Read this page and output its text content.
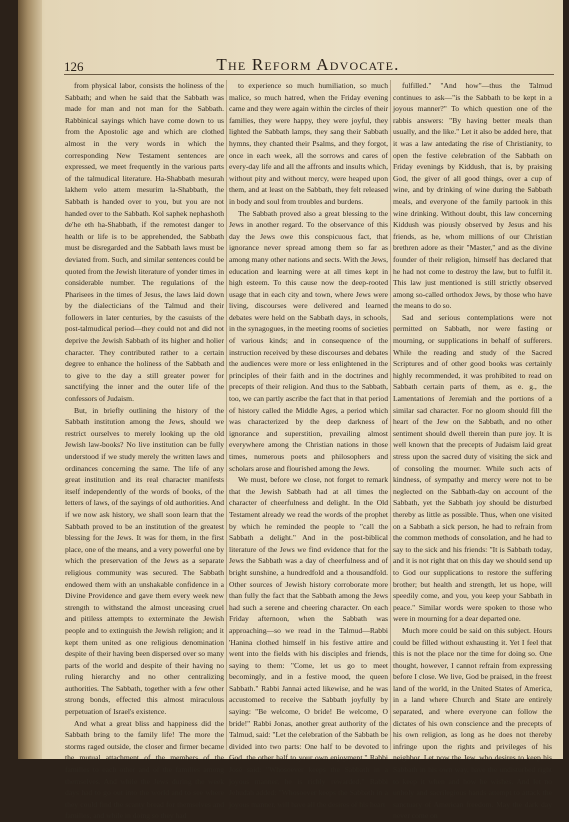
126	The Reform Advocate.

from physical labor, consists the holiness of the Sabbath; and when he said that the Sabbath was made for man and not man for the Sabbath. Rabbinical sayings which have come down to us from the Apostolic age and which are clothed almost in the very words in which the corresponding New Testament sentences are expressed, we meet frequently in the various parts of the talmudical literature. Ha-Shabbath mesurah lakhem velo attem mesurim la-Shabbath, the Sabbath is handed over to you, but you are not handed over to the Sabbath. Kol saphek nephashoth de'he eth ha-Shabbath, if the remotest danger to health or life is to be apprehended, the Sabbath must be disregarded and the Sabbath laws must be deviated from. Such, and similar sentences could be quoted from the Jewish literature of yonder times in considerable number. The regulations of the Pharisees in the times of Jesus, the laws laid down by the dialecticians of the Talmud and their followers in later centuries, by the casuists of the post-talmudical period—they could not and did not deprive the Jewish Sabbath of its higher and holier character. They contributed rather to a certain degree to enhance the holiness of the Sabbath and to give to the day a still greater power for sanctifying the inner and the outer life of the confessors of Judaism.

But, in briefly outlining the history of the Sabbath institution among the Jews, should we restrict ourselves to merely looking up the old Jewish law-books? No live institution can be fully understood if we study merely the written laws and ordinances concerning the same. The life of any great institution and its real character manifests itself independently of the words of books, of the letters of laws, of the sayings of old authorities. And if we now ask history, we shall soon learn that the Sabbath proved to be an institution of the greatest blessing for the Jews. It was for them, in the first place, one of the means, and a very powerful one by which the preservation of the Jews as a separate religious community was secured. The Sabbath endowed them with an unshakable confidence in a Divine Providence and gave them every week new strength to withstand the almost unceasing cruel and pitiless attempts to exterminate the Jewish people and to extinguish the Jewish religion; and it kept them united as one religious denomination despite of their having been dispersed over so many parts of the world and despite of their having no ruling hierarchy and no other centralizing authorities. The Sabbath, together with a few other strong bonds, effected this almost miraculous perpetuation of Israel's existence.

And what a great bliss and happiness did the Sabbath bring to the family life! The more the storms raged outside, the closer and firmer became the mutual attachment of the members of the families to each other and of the families among themselves. And while the Jews during the week days had to go out into the world and to see where they could find the scanty bread for themselves and families, and while in doing so they had

to experience so much humiliation, so much malice, so much hatred, when the Friday evening came and they were again within the circles of their families, they were happy, they were joyful, they lighted the Sabbath lamps, they sang their Sabbath hymns, they chanted their Psalms, and they forgot, once in each week, all the sorrows and cares of every-day life and all the affronts and insults which, without pity and without mercy, were heaped upon them, and at least on the Sabbath, they felt released in body and soul from troubles and burdens.

The Sabbath proved also a great blessing to the Jews in another regard. To the observance of this day the Jews owe this conspicuous fact, that ignorance never spread among them so far as among many other nations and sects. With the Jews, education and learning were at all times kept in high esteem. To this cause now the deep-rooted usage that in each city and town, where Jews were living, discourses were delivered and learned debates were held on the Sabbath days, in schools, in the synagogues, in the meeting rooms of societies of various kinds; and in consequence of the instruction received by these discourses and debates the audiences were more or less enlightened in the principles of their faith and in the doctrines and precepts of their religion. And thus to the Sabbath, too, we can partly ascribe the fact that in that period of history called the Middle Ages, a period which was characterized by the deep darkness of ignorance and superstition, prevailing almost everywhere among the Christian nations in those times, numerous poets and philosophers and scholars arose and flourished among the Jews.

We must, before we close, not forget to remark that the Jewish Sabbath had at all times the character of cheerfulness and delight. In the Old Testament already we read the words of the prophet by which he reminded the people to "call the Sabbath a delight." And in the post-biblical literature of the Jews we find evidence that for the Jews the Sabbath was a day of cheerfulness and of bright sunshine, a hundredfold and a thousandfold. Other sources of Jewish history corroborate more than fully the fact that the Sabbath among the Jews had such a serene and cheering character. On each Friday afternoon, when the Sabbath was approaching—so we read in the Talmud—Rabbi 'Hanina clothed himself in his festive attire and went into the fields with his disciples and friends, saying to them: "Come, let us go to meet becomingly, and in a festive mood, the queen Sabbath." Rabbi Jannai acted likewise, and he was accustomed to receive the Sabbath joyfully by saying: "Be welcome, O bride! Be welcome, O bride!" Rabbi Jonas, another great authority of the Talmud, said: "Let the celebration of the Sabbath be divided into two parts: One half to be devoted to God, the other half to your own enjoyment." Rabbi José said: "Whosoever keeps the Sabbath in a joyous manner, he is richly rewarded." Rabbi Jehudah added: "Whosoever keeps the Sabbath in a joyous manner, will have all the desires of his heart

fulfilled." "And how"—thus the Talmud continues to ask—"is the Sabbath to be kept in a joyous manner?" To which question one of the rabbis answers: "By having better meals than usually, and the like." Let it also be added here, that it was a law antedating the rise of Christianity, to open the festive celebration of the Sabbath on Friday evenings by Kiddush, that is, by praising God, the giver of all good things, over a cup of wine, and by drinking of wine during the Sabbath meals, and everyone of the family partook in this wine drinking. Without doubt, this law concerning Kiddush was piously observed by Jesus and his friends, as he, whom millions of our Christian brethren adore as their "Master," and as the divine founder of their religion, himself has declared that he had not come to destroy the law, but to fulfil it. This law just mentioned is still strictly observed among so-called orthodox Jews, by those who have the means to do so.

Sad and serious contemplations were not permitted on Sabbath, nor were fasting or mourning, or supplications in behalf of sufferers. While the reading and study of the Sacred Scriptures and of other good books was certainly highly recommended, it was prohibited to read on Sabbath certain parts of them, as e. g., the Lamentations of Jeremiah and the portions of a similar sad character. For no gloom should fill the heart of the Jew on the Sabbath, and no other sentiment should dwell therein than pure joy. It is well known that the precepts of Judaism laid great stress upon the sacred duty of visiting the sick and of consoling the mourner. While such acts of kindness, of sympathy and mercy were not to be neglected on the Sabbath-day on account of the Sabbath, yet the Sabbath joy should be disturbed thereby as little as possible. Thus, when one visited on a Sabbath a sick person, he had to refrain from the common methods of consolation, and he had to say to the sick and his friends: "It is Sabbath today, and it is not right that on this day we should send up to God our supplications to restore the suffering brother; but health and strength, let us hope, will speedily come, and you, you keep your Sabbath in peace." Similar words were spoken to those who were in mourning for a dear departed one.

Much more could be said on this subject. Hours could be filled without exhausting it. Yet I feel that this is not the place nor the time for doing so. One thought, however, I cannot refrain from expressing before I close. We live, God be praised, in the freest land of the world, in the United States of America, in a land where Church and State are entirely separated, and where everyone can follow the dictates of his own conscience and the precepts of his own religion, as long as he does not thereby infringe upon the rights and privileges of his neighbor. Let now the Jew, who desires to keep his Sabbath in his own way, have the undisturbed right to keep it when and how he wishes. And let no unholy and sacrilegious hands attempt to attack the sanctuary of American freedom. May the dark day never come on
